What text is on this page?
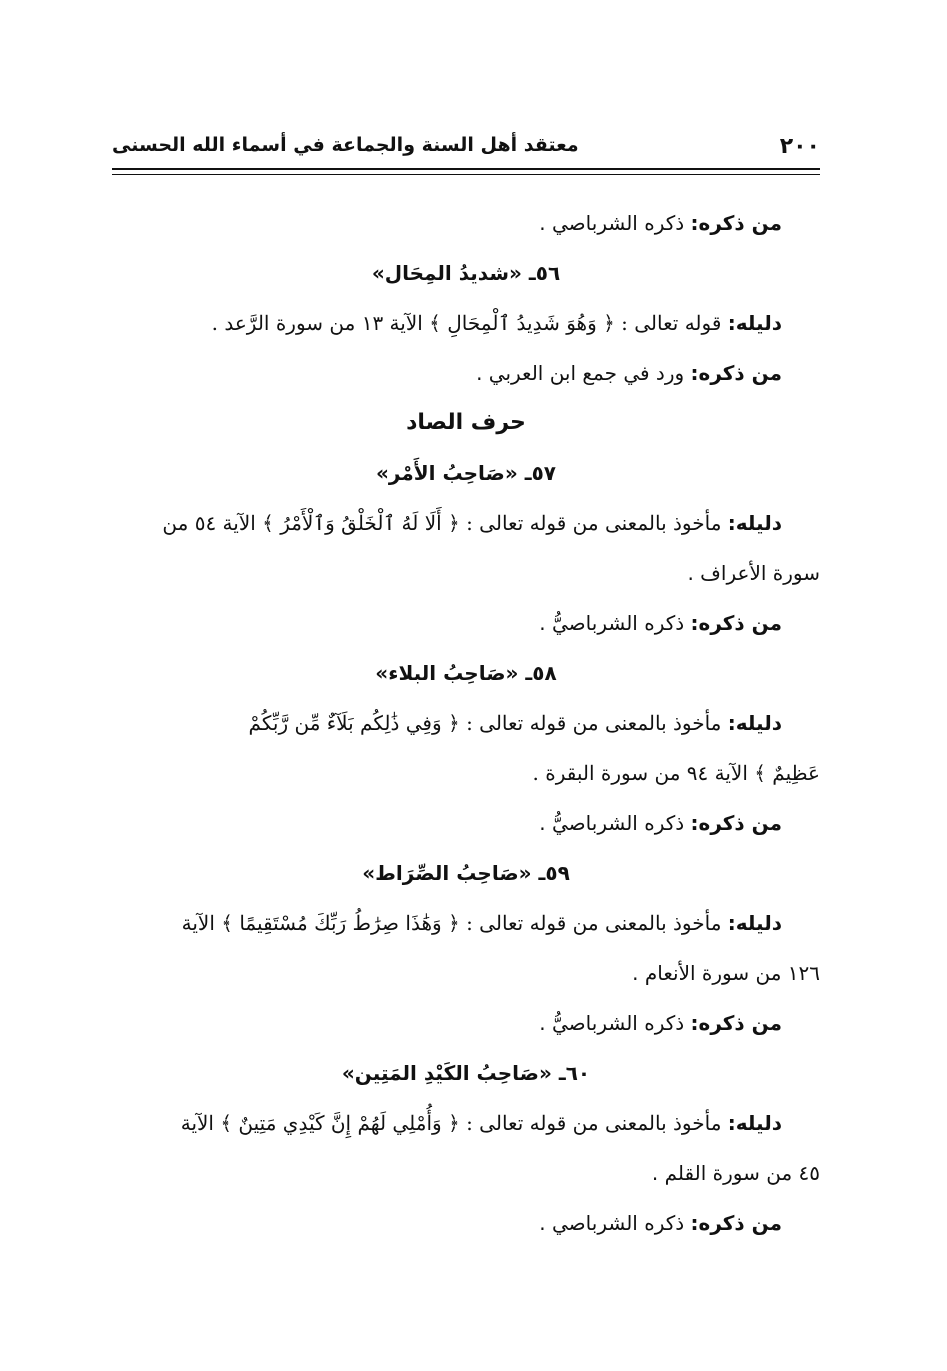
٢٠٠
معتقد أهل السنة والجماعة في أسماء الله الحسنى
من ذكره: ذكره الشرباصي .
٥٦ـ «شديدُ المِحَال»
دليله: قوله تعالى : ﴿ وَهُوَ شَدِيدُ ٱلْمِحَالِ ﴾ الآية ١٣ من سورة الرَّعد .
من ذكره: ورد في جمع ابن العربي .
حرف الصاد
٥٧ـ «صَاحِبُ الأَمْر»
دليله: مأخوذ بالمعنى من قوله تعالى : ﴿ أَلَا لَهُ ٱلْخَلْقُ وَٱلْأَمْرُ ﴾ الآية ٥٤ من
سورة الأعراف .
من ذكره: ذكره الشرباصيُّ .
٥٨ـ «صَاحِبُ البلاء»
دليله: مأخوذ بالمعنى من قوله تعالى : ﴿ وَفِي ذَٰلِكُم بَلَآءٌ مِّن رَّبِّكُمْ
عَظِيمٌ ﴾ الآية ٩٤ من سورة البقرة .
من ذكره: ذكره الشرباصيُّ .
٥٩ـ «صَاحِبُ الصِّرَاط»
دليله: مأخوذ بالمعنى من قوله تعالى : ﴿ وَهَٰذَا صِرَٰطُ رَبِّكَ مُسْتَقِيمًا ﴾ الآية
١٢٦ من سورة الأنعام .
من ذكره: ذكره الشرباصيُّ .
٦٠ـ «صَاحِبُ الكَيْدِ المَتِين»
دليله: مأخوذ بالمعنى من قوله تعالى : ﴿ وَأُمْلِي لَهُمْ إِنَّ كَيْدِي مَتِينٌ ﴾ الآية
٤٥ من سورة القلم .
من ذكره: ذكره الشرباصي .
